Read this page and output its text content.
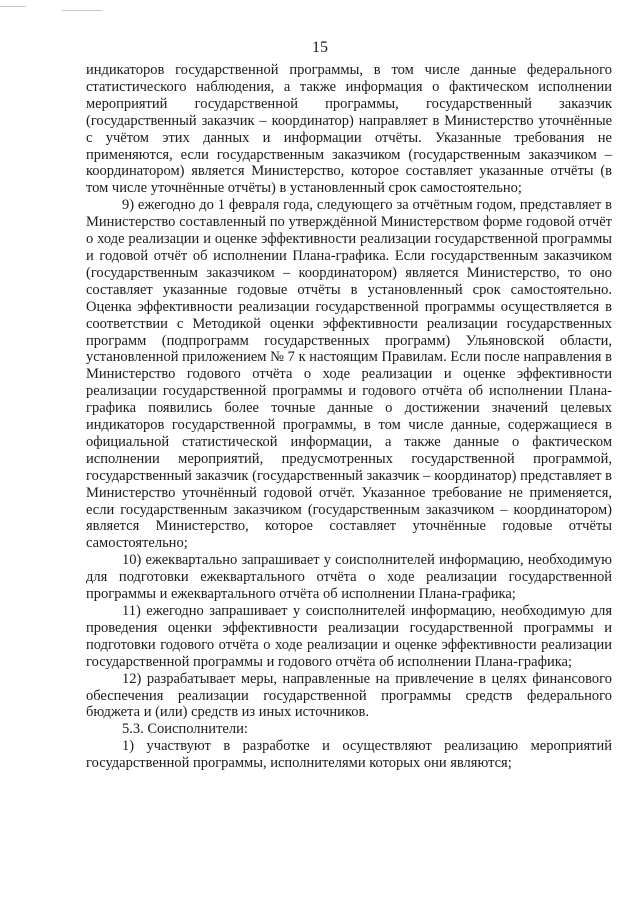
15

индикаторов государственной программы, в том числе данные федерального статистического наблюдения, а также информация о фактическом исполнении мероприятий государственной программы, государственный заказчик (государственный заказчик – координатор) направляет в Министерство уточнённые с учётом этих данных и информации отчёты. Указанные требования не применяются, если государственным заказчиком (государственным заказчиком – координатором) является Министерство, которое составляет указанные отчёты (в том числе уточнённые отчёты) в установленный срок самостоятельно;

9) ежегодно до 1 февраля года, следующего за отчётным годом, представляет в Министерство составленный по утверждённой Министерством форме годовой отчёт о ходе реализации и оценке эффективности реализации государственной программы и годовой отчёт об исполнении Плана-графика. Если государственным заказчиком (государственным заказчиком – координатором) является Министерство, то оно составляет указанные годовые отчёты в установленный срок самостоятельно. Оценка эффективности реализации государственной программы осуществляется в соответствии с Методикой оценки эффективности реализации государственных программ (подпрограмм государственных программ) Ульяновской области, установленной приложением № 7 к настоящим Правилам. Если после направления в Министерство годового отчёта о ходе реализации и оценке эффективности реализации государственной программы и годового отчёта об исполнении Плана-графика появились более точные данные о достижении значений целевых индикаторов государственной программы, в том числе данные, содержащиеся в официальной статистической информации, а также данные о фактическом исполнении мероприятий, предусмотренных государственной программой, государственный заказчик (государственный заказчик – координатор) представляет в Министерство уточнённый годовой отчёт. Указанное требование не применяется, если государственным заказчиком (государственным заказчиком – координатором) является Министерство, которое составляет уточнённые годовые отчёты самостоятельно;

10) ежеквартально запрашивает у соисполнителей информацию, необходимую для подготовки ежеквартального отчёта о ходе реализации государственной программы и ежеквартального отчёта об исполнении Плана-графика;

11) ежегодно запрашивает у соисполнителей информацию, необходимую для проведения оценки эффективности реализации государственной программы и подготовки годового отчёта о ходе реализации и оценке эффективности реализации государственной программы и годового отчёта об исполнении Плана-графика;

12) разрабатывает меры, направленные на привлечение в целях финансового обеспечения реализации государственной программы средств федерального бюджета и (или) средств из иных источников.

5.3. Соисполнители:

1) участвуют в разработке и осуществляют реализацию мероприятий государственной программы, исполнителями которых они являются;
